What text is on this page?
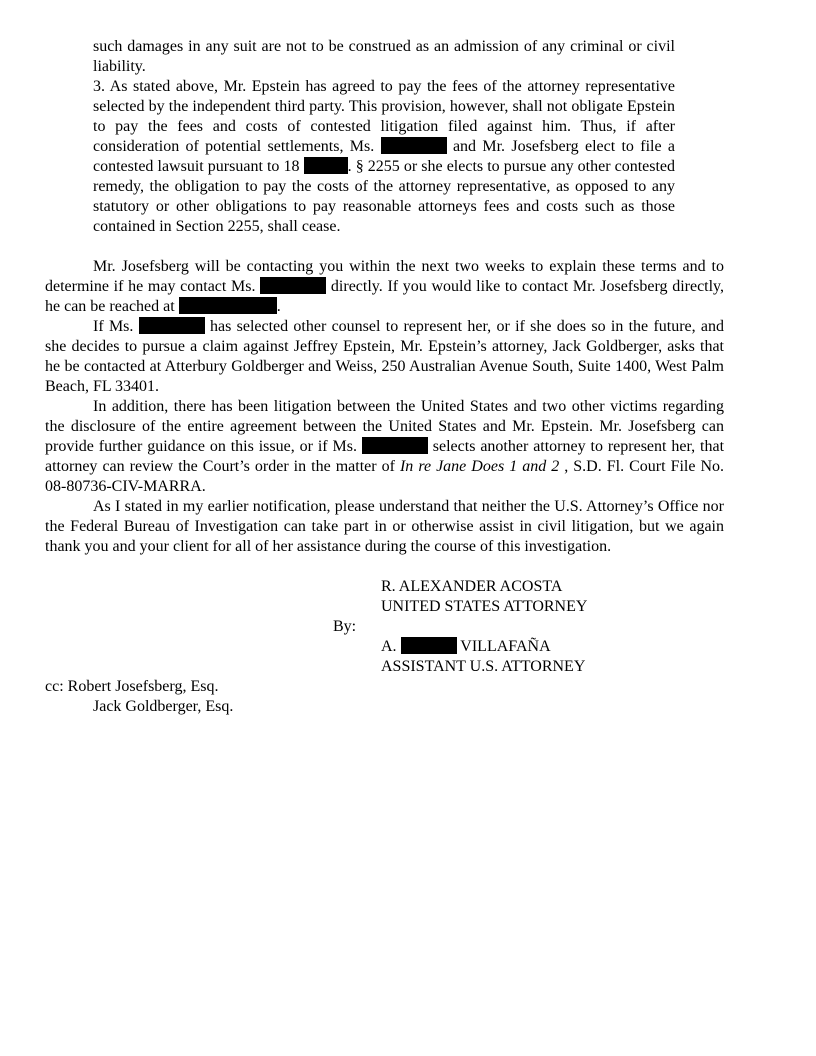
such damages in any suit are not to be construed as an admission of any criminal or civil liability.

3. As stated above, Mr. Epstein has agreed to pay the fees of the attorney representative selected by the independent third party. This provision, however, shall not obligate Epstein to pay the fees and costs of contested litigation filed against him. Thus, if after consideration of potential settlements, Ms.	and Mr. Josefsberg elect to file a contested lawsuit pursuant to 18	. § 2255 or she elects to pursue any other contested remedy, the obligation to pay the costs of the attorney representative, as opposed to any statutory or other obligations to pay reasonable attorneys fees and costs such as those contained in Section 2255, shall cease.

Mr. Josefsberg will be contacting you within the next two weeks to explain these terms and to determine if he may contact Ms.	directly. If you would like to contact Mr. Josefsberg directly, he can be reached at	.

If Ms.	has selected other counsel to represent her, or if she does so in the future, and she decides to pursue a claim against Jeffrey Epstein, Mr. Epstein’s attorney, Jack Goldberger, asks that he be contacted at Atterbury Goldberger and Weiss, 250 Australian Avenue South, Suite 1400, West Palm Beach, FL 33401.

In addition, there has been litigation between the United States and two other victims regarding the disclosure of the entire agreement between the United States and Mr. Epstein. Mr. Josefsberg can provide further guidance on this issue, or if Ms.	selects another attorney to represent her, that attorney can review the Court’s order in the matter of In re Jane Does 1 and 2 , S.D. Fl. Court File No. 08-80736-CIV-MARRA.

As I stated in my earlier notification, please understand that neither the U.S. Attorney’s Office nor the Federal Bureau of Investigation can take part in or otherwise assist in civil litigation, but we again thank you and your client for all of her assistance during the course of this investigation.

R. ALEXANDER ACOSTA
UNITED STATES ATTORNEY
A.	VILLAFAÑA
ASSISTANT U.S. ATTORNEY
By:
cc: Robert Josefsberg, Esq.
Jack Goldberger, Esq.
